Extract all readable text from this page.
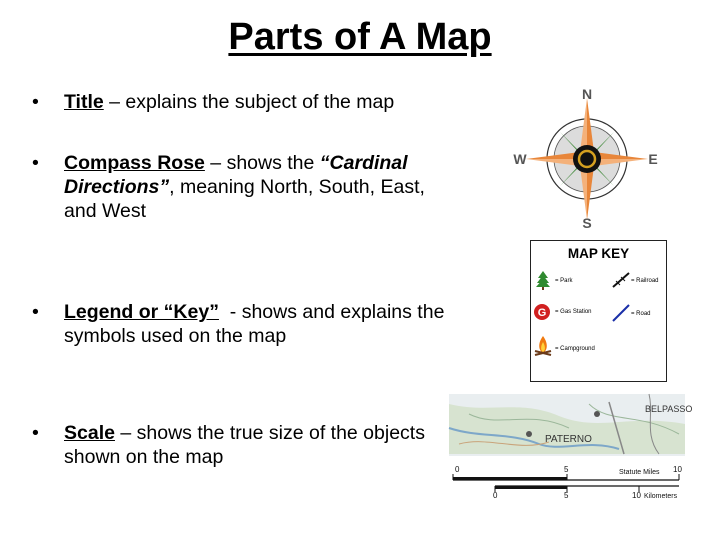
Parts of A Map
• Title – explains the subject of the map
• Compass Rose – shows the “Cardinal Directions”, meaning North, South, East, and West
• Legend or “Key”  - shows and explains the symbols used on the map
• Scale – shows the true size of the objects shown on the map
N
S
W	E
MAP KEY
G
= Park	= Railroad
= Gas Station	= Road
= Campground
BELPASSO
PATERNO
0	5	10
Statute Miles
0	5	10 Kilometers
